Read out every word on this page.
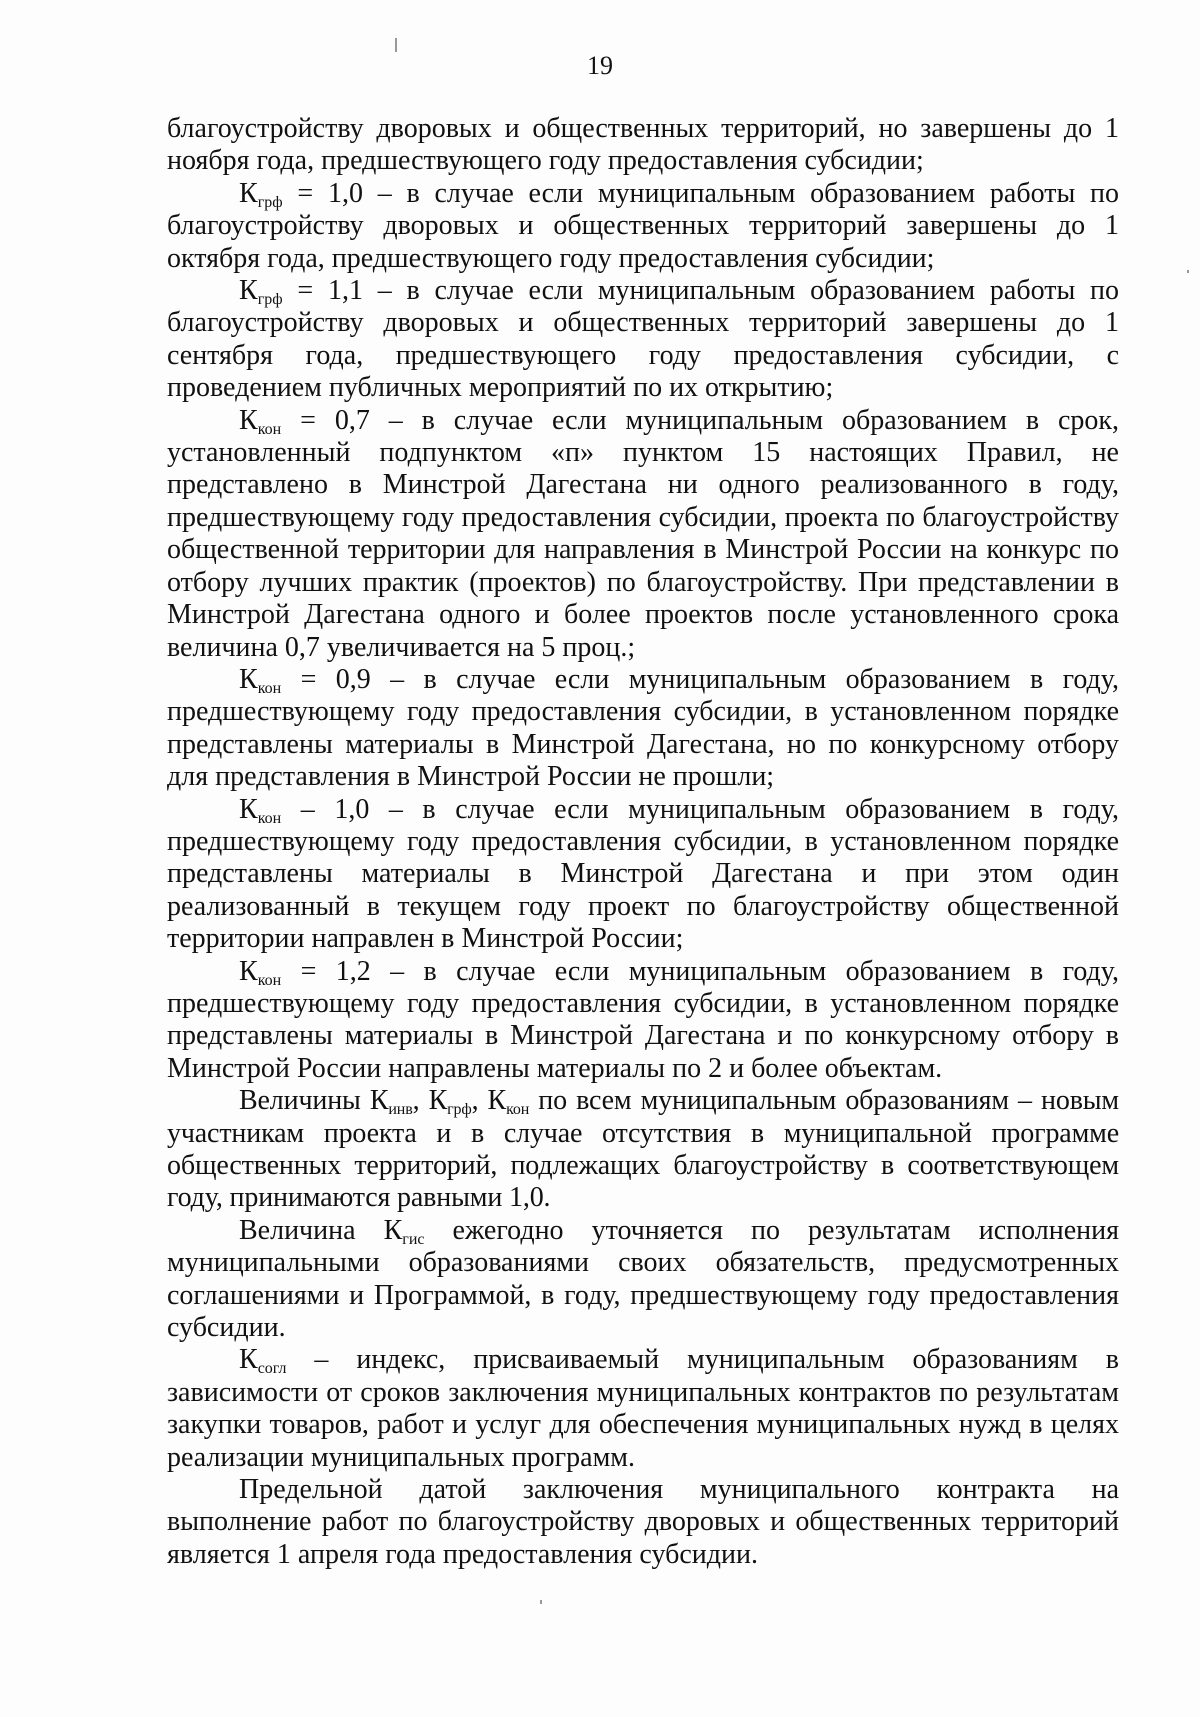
19

благоустройству дворовых и общественных территорий, но завершены до 1 ноября года, предшествующего году предоставления субсидии;

$К_{грф} = 1,0 - в$ случае если муниципальным образованием работы по благоустройству дворовых и общественных территорий завершены до 1 октября года, предшествующего году предоставления субсидии;

$К_{грф} = 1,1 - в$ случае если муниципальным образованием работы по благоустройству дворовых и общественных территорий завершены до 1 сентября года, предшествующего году предоставления субсидии, с проведением публичных мероприятий по их открытию;

$К_{кон} = 0,7 - в$ случае если муниципальным образованием в срок, установленный подпунктом «п» пунктом 15 настоящих Правил, не представлено в Минстрой Дагестана ни одного реализованного в году, предшествующему году предоставления субсидии, проекта по благоустройству общественной территории для направления в Минстрой России на конкурс по отбору лучших практик (проектов) по благоустройству. При представлении в Минстрой Дагестана одного и более проектов после установленного срока величина 0,7 увеличивается на 5 проц.;

$К_{кон} = 0,9 - в$ случае если муниципальным образованием в году, предшествующему году предоставления субсидии, в установленном порядке представлены материалы в Минстрой Дагестана, но по конкурсному отбору для представления в Минстрой России не прошли;

$К_{кон} - 1,0$ – в случае если муниципальным образованием в году, предшествующему году предоставления субсидии, в установленном порядке представлены материалы в Минстрой Дагестана и при этом один реализованный в текущем году проект по благоустройству общественной территории направлен в Минстрой России;

$К_{кон} = 1,2 - в$ случае если муниципальным образованием в году, предшествующему году предоставления субсидии, в установленном порядке представлены материалы в Минстрой Дагестана и по конкурсному отбору в Минстрой России направлены материалы по 2 и более объектам.

Величины $К_{инв}$, $К_{грф}$, $К_{кон}$ по всем муниципальным образованиям – новым участникам проекта и в случае отсутствия в муниципальной программе общественных территорий, подлежащих благоустройству в соответствующем году, принимаются равными 1,0.

Величина $К_{гис}$ ежегодно уточняется по результатам исполнения муниципальными образованиями своих обязательств, предусмотренных соглашениями и Программой, в году, предшествующему году предоставления субсидии.

$К_{согл}$ – индекс, присваиваемый муниципальным образованиям в зависимости от сроков заключения муниципальных контрактов по результатам закупки товаров, работ и услуг для обеспечения муниципальных нужд в целях реализации муниципальных программ.

Предельной датой заключения муниципального контракта на выполнение работ по благоустройству дворовых и общественных территорий является 1 апреля года предоставления субсидии.
